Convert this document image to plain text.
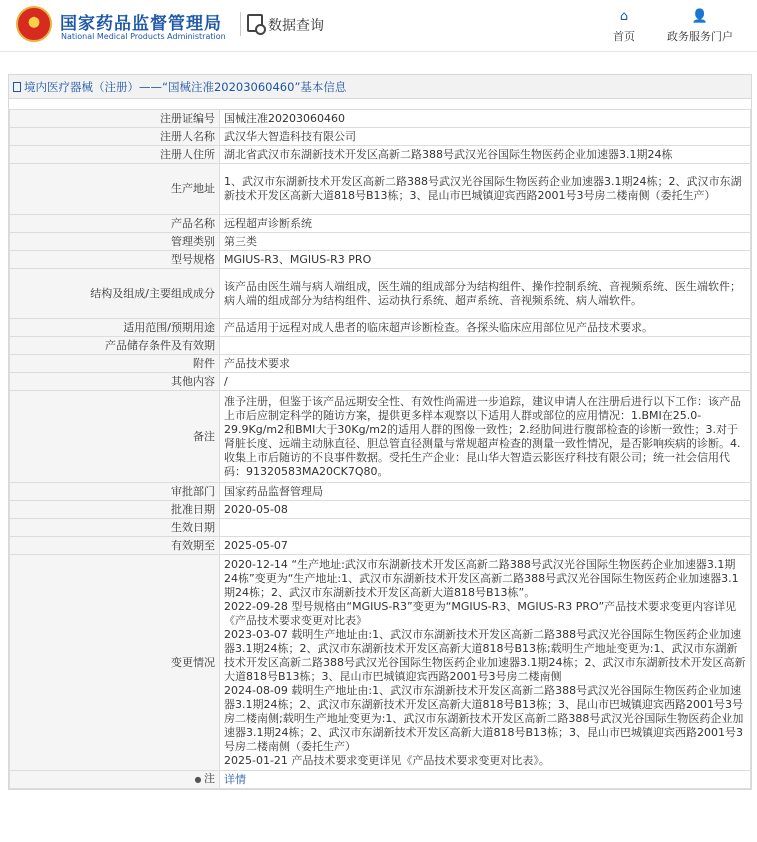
★
国家药品监督管理局
National Medical Products Administration
数据查询
⌂
首页
👤
政务服务门户
境内医疗器械（注册）——“国械注准20203060460”基本信息
注册证编号	国械注准20203060460
注册人名称	武汉华大智造科技有限公司
注册人住所	湖北省武汉市东湖新技术开发区高新二路388号武汉光谷国际生物医药企业加速器3.1期24栋
生产地址	1、武汉市东湖新技术开发区高新二路388号武汉光谷国际生物医药企业加速器3.1期24栋；2、武汉市东湖新技术开发区高新大道818号B13栋；3、昆山市巴城镇迎宾西路2001号3号房二楼南侧（委托生产）
产品名称	远程超声诊断系统
管理类别	第三类
型号规格	MGIUS-R3、MGIUS-R3 PRO
结构及组成/主要组成成分	该产品由医生端与病人端组成，医生端的组成部分为结构组件、操作控制系统、音视频系统、医生端软件；病人端的组成部分为结构组件、运动执行系统、超声系统、音视频系统、病人端软件。
适用范围/预期用途	产品适用于远程对成人患者的临床超声诊断检查。各探头临床应用部位见产品技术要求。
产品储存条件及有效期	
附件	产品技术要求
其他内容	/
备注	准予注册，但鉴于该产品远期安全性、有效性尚需进一步追踪，建议申请人在注册后进行以下工作：该产品上市后应制定科学的随访方案，提供更多样本观察以下适用人群或部位的应用情况：1.BMI在25.0-29.9Kg/m2和BMI大于30Kg/m2的适用人群的图像一致性；2.经肋间进行腹部检查的诊断一致性；3.对于肾脏长度、远端主动脉直径、胆总管直径测量与常规超声检查的测量一致性情况，是否影响疾病的诊断。4.收集上市后随访的不良事件数据。受托生产企业：昆山华大智造云影医疗科技有限公司；统一社会信用代码：91320583MA20CK7Q80。
审批部门	国家药品监督管理局
批准日期	2020-05-08
生效日期	
有效期至	2025-05-07
变更情况	2020-12-14 “生产地址:武汉市东湖新技术开发区高新二路388号武汉光谷国际生物医药企业加速器3.1期24栋”变更为“生产地址:1、武汉市东湖新技术开发区高新二路388号武汉光谷国际生物医药企业加速器3.1期24栋；2、武汉市东湖新技术开发区高新大道818号B13栋”。
2022-09-28 型号规格由“MGIUS-R3”变更为“MGIUS-R3、MGIUS-R3 PRO”产品技术要求变更内容详见《产品技术要求变更对比表》
2023-03-07 载明生产地址由:1、武汉市东湖新技术开发区高新二路388号武汉光谷国际生物医药企业加速器3.1期24栋；2、武汉市东湖新技术开发区高新大道818号B13栋;载明生产地址变更为:1、武汉市东湖新技术开发区高新二路388号武汉光谷国际生物医药企业加速器3.1期24栋；2、武汉市东湖新技术开发区高新大道818号B13栋；3、昆山市巴城镇迎宾西路2001号3号房二楼南侧
2024-08-09 载明生产地址由:1、武汉市东湖新技术开发区高新二路388号武汉光谷国际生物医药企业加速器3.1期24栋；2、武汉市东湖新技术开发区高新大道818号B13栋；3、昆山市巴城镇迎宾西路2001号3号房二楼南侧;载明生产地址变更为:1、武汉市东湖新技术开发区高新二路388号武汉光谷国际生物医药企业加速器3.1期24栋；2、武汉市东湖新技术开发区高新大道818号B13栋；3、昆山市巴城镇迎宾西路2001号3号房二楼南侧（委托生产）
2025-01-21 产品技术要求变更详见《产品技术要求变更对比表》。

● 注	详情
